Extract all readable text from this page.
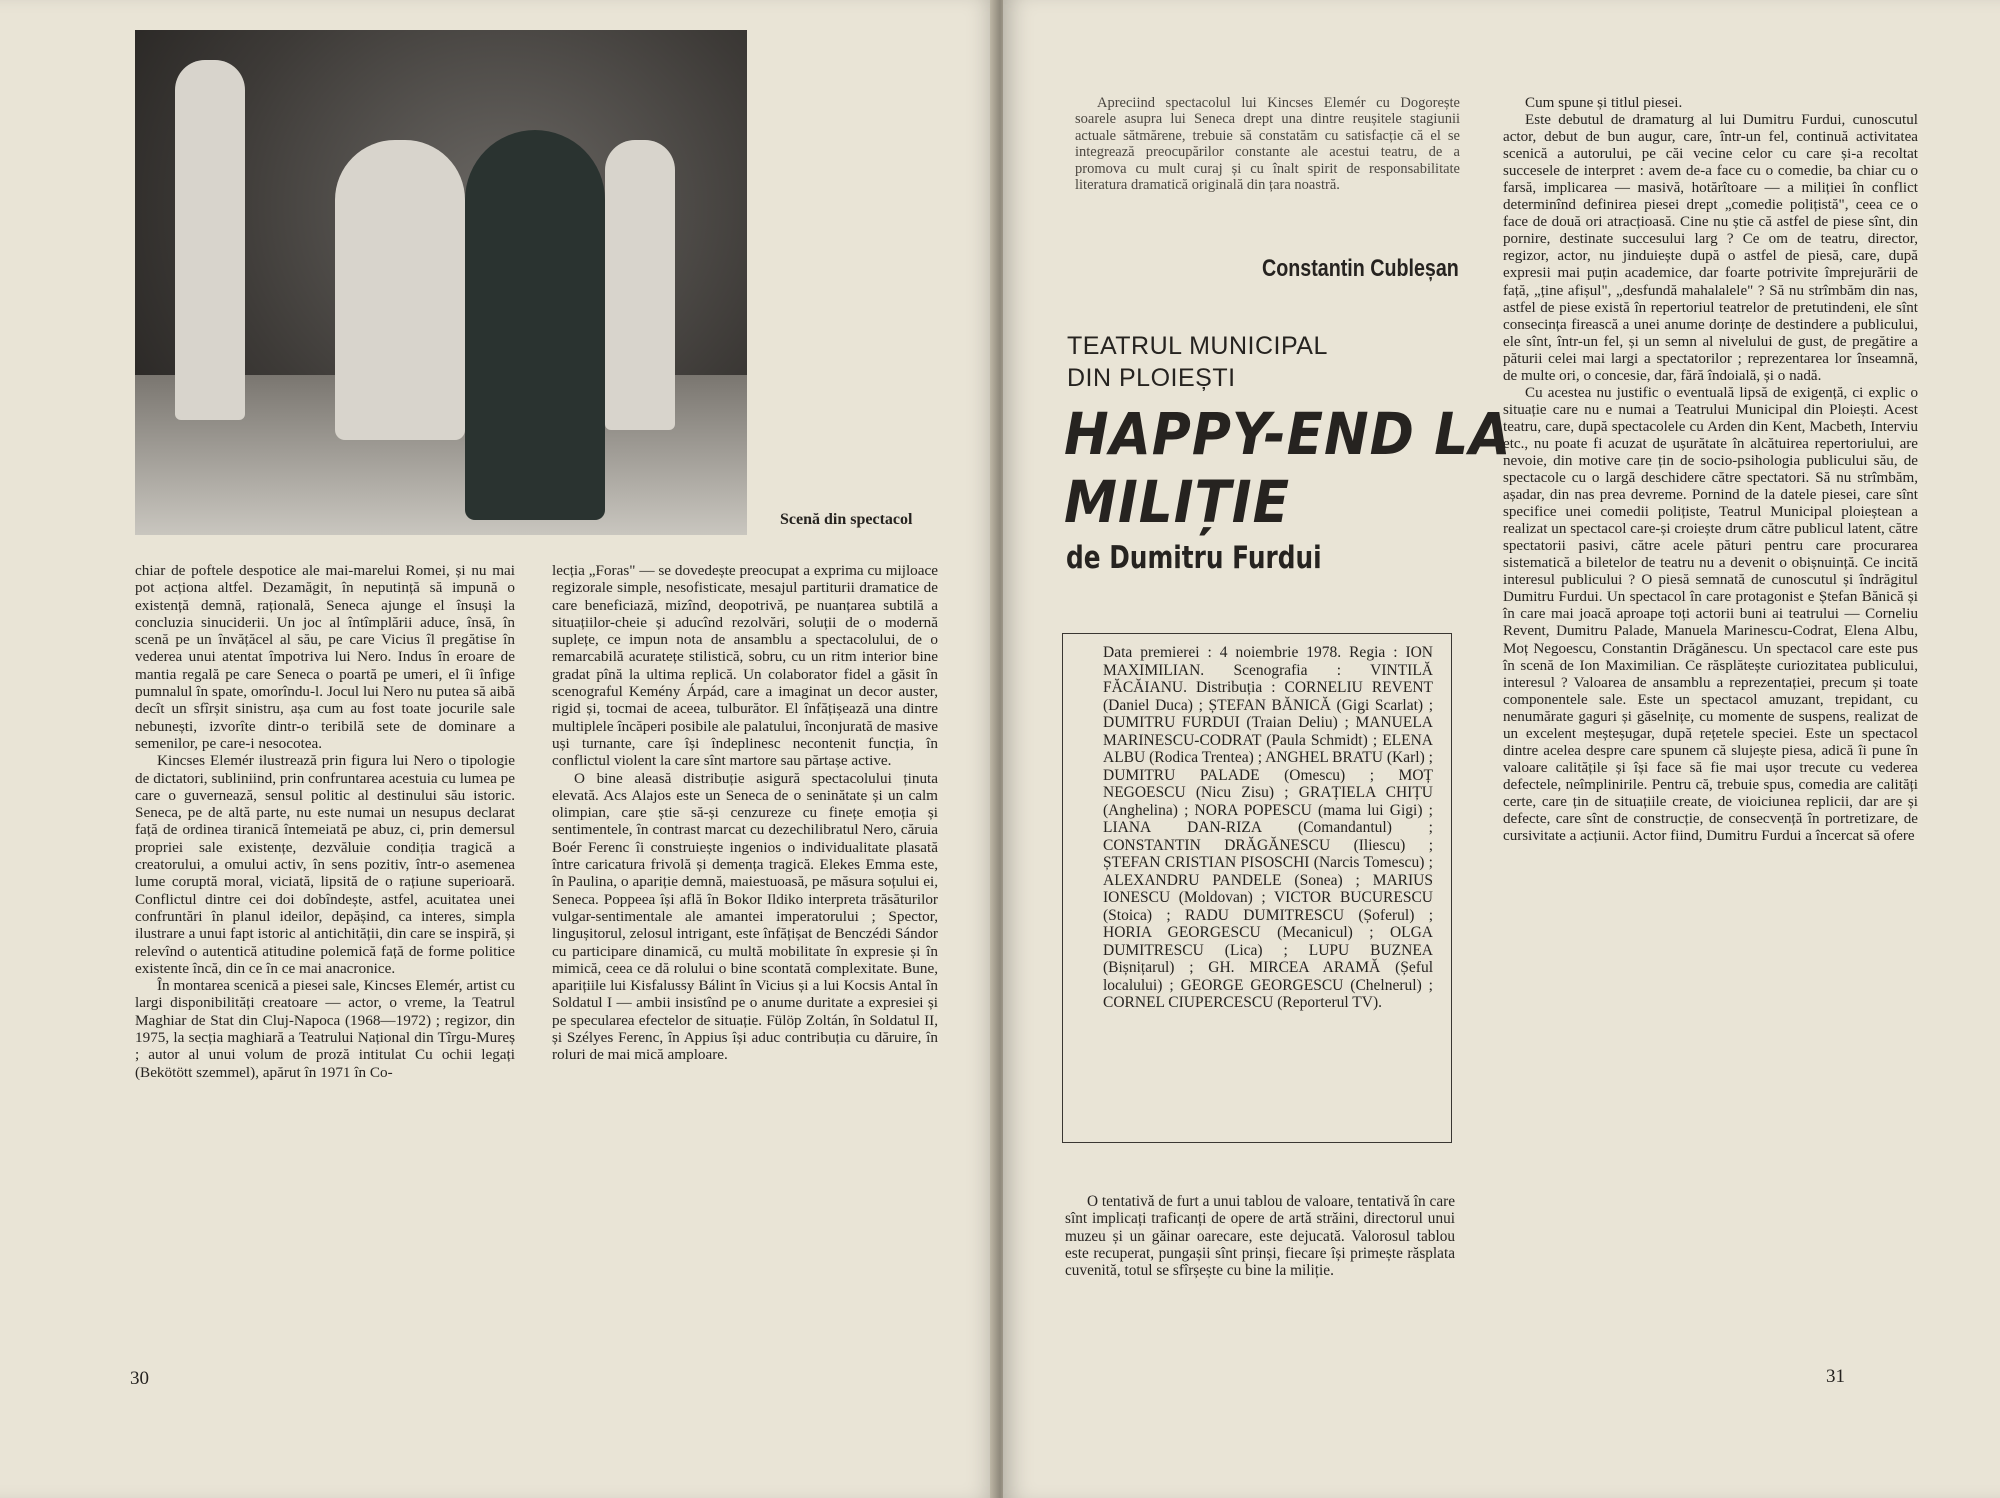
Scenă din spectacol

chiar de poftele despotice ale mai-marelui Romei, și nu mai pot acționa altfel. Dezamăgit, în neputință să impună o existență demnă, rațională, Seneca ajunge el însuși la concluzia sinuciderii. Un joc al întîmplării aduce, însă, în scenă pe un învățăcel al său, pe care Vicius îl pregătise în vederea unui atentat împotriva lui Nero. Indus în eroare de mantia regală pe care Seneca o poartă pe umeri, el îi înfige pumnalul în spate, omorîndu-l. Jocul lui Nero nu putea să aibă decît un sfîrșit sinistru, așa cum au fost toate jocurile sale nebunești, izvorîte dintr-o teribilă sete de dominare a semenilor, pe care-i nesocotea.

Kincses Elemér ilustrează prin figura lui Nero o tipologie de dictatori, subliniind, prin confruntarea acestuia cu lumea pe care o guvernează, sensul politic al destinului său istoric. Seneca, pe de altă parte, nu este numai un nesupus declarat față de ordinea tiranică întemeiată pe abuz, ci, prin demersul propriei sale existențe, dezvăluie condiția tragică a creatorului, a omului activ, în sens pozitiv, într-o asemenea lume coruptă moral, viciată, lipsită de o rațiune superioară. Conflictul dintre cei doi dobîndește, astfel, acuitatea unei confruntări în planul ideilor, depășind, ca interes, simpla ilustrare a unui fapt istoric al antichității, din care se inspiră, și relevînd o autentică atitudine polemică față de forme politice existente încă, din ce în ce mai anacronice.

În montarea scenică a piesei sale, Kincses Elemér, artist cu largi disponibilități creatoare — actor, o vreme, la Teatrul Maghiar de Stat din Cluj-Napoca (1968—1972) ; regizor, din 1975, la secția maghiară a Teatrului Național din Tîrgu-Mureș ; autor al unui volum de proză intitulat Cu ochii legați (Bekötött szemmel), apărut în 1971 în Co-

lecția „Foras" — se dovedește preocupat a exprima cu mijloace regizorale simple, nesofisticate, mesajul partiturii dramatice de care beneficiază, mizînd, deopotrivă, pe nuanțarea subtilă a situațiilor-cheie și aducînd rezolvări, soluții de o modernă suplețe, ce impun nota de ansamblu a spectacolului, de o remarcabilă acuratețe stilistică, sobru, cu un ritm interior bine gradat pînă la ultima replică. Un colaborator fidel a găsit în scenograful Kemény Árpád, care a imaginat un decor auster, rigid și, tocmai de aceea, tulburător. El înfățișează una dintre multiplele încăperi posibile ale palatului, înconjurată de masive uși turnante, care își îndeplinesc necontenit funcția, în conflictul violent la care sînt martore sau părtașe active.

O bine aleasă distribuție asigură spectacolului ținuta elevată. Acs Alajos este un Seneca de o seninătate și un calm olimpian, care știe să-și cenzureze cu finețe emoția și sentimentele, în contrast marcat cu dezechilibratul Nero, căruia Boér Ferenc îi construiește ingenios o individualitate plasată între caricatura frivolă și demența tragică. Elekes Emma este, în Paulina, o apariție demnă, maiestuoasă, pe măsura soțului ei, Seneca. Poppeea își află în Bokor Ildiko interpreta trăsăturilor vulgar-sentimentale ale amantei imperatorului ; Spector, lingușitorul, zelosul intrigant, este înfățișat de Benczédi Sándor cu participare dinamică, cu multă mobilitate în expresie și în mimică, ceea ce dă rolului o bine scontată complexitate. Bune, aparițiile lui Kisfalussy Bálint în Vicius și a lui Kocsis Antal în Soldatul I — ambii insistînd pe o anume duritate a expresiei și pe specularea efectelor de situație. Fülöp Zoltán, în Soldatul II, și Szélyes Ferenc, în Appius își aduc contribuția cu dăruire, în roluri de mai mică amploare.

30

Apreciind spectacolul lui Kincses Elemér cu Dogorește soarele asupra lui Seneca drept una dintre reușitele stagiunii actuale sătmărene, trebuie să constatăm cu satisfacție că el se integrează preocupărilor constante ale acestui teatru, de a promova cu mult curaj și cu înalt spirit de responsabilitate literatura dramatică originală din țara noastră.

Constantin Cubleșan
TEATRUL MUNICIPAL
DIN PLOIEȘTI
HAPPY-END LA
MILIȚIE
de Dumitru Furdui

Data premierei : 4 noiembrie 1978. Regia : ION MAXIMILIAN. Scenografia : VINTILĂ FĂCĂIANU. Distribuția : CORNELIU REVENT (Daniel Duca) ; ȘTEFAN BĂNICĂ (Gigi Scarlat) ; DUMITRU FURDUI (Traian Deliu) ; MANUELA MARINESCU-CODRAT (Paula Schmidt) ; ELENA ALBU (Rodica Trentea) ; ANGHEL BRATU (Karl) ; DUMITRU PALADE (Omescu) ; MOȚ NEGOESCU (Nicu Zisu) ; GRAȚIELA CHIȚU (Anghelina) ; NORA POPESCU (mama lui Gigi) ; LIANA DAN-RIZA (Comandantul) ; CONSTANTIN DRĂGĂNESCU (Iliescu) ; ȘTEFAN CRISTIAN PISOSCHI (Narcis Tomescu) ; ALEXANDRU PANDELE (Sonea) ; MARIUS IONESCU (Moldovan) ; VICTOR BUCURESCU (Stoica) ; RADU DUMITRESCU (Șoferul) ; HORIA GEORGESCU (Mecanicul) ; OLGA DUMITRESCU (Lica) ; LUPU BUZNEA (Bișnițarul) ; GH. MIRCEA ARAMĂ (Șeful localului) ; GEORGE GEORGESCU (Chelnerul) ; CORNEL CIUPERCESCU (Reporterul TV).

O tentativă de furt a unui tablou de valoare, tentativă în care sînt implicați traficanți de opere de artă străini, directorul unui muzeu și un găinar oarecare, este dejucată. Valorosul tablou este recuperat, pungașii sînt prinși, fiecare își primește răsplata cuvenită, totul se sfîrșește cu bine la miliție.

Cum spune și titlul piesei.

Este debutul de dramaturg al lui Dumitru Furdui, cunoscutul actor, debut de bun augur, care, într-un fel, continuă activitatea scenică a autorului, pe căi vecine celor cu care și-a recoltat succesele de interpret : avem de-a face cu o comedie, ba chiar cu o farsă, implicarea — masivă, hotărîtoare — a miliției în conflict determinînd definirea piesei drept „comedie polițistă", ceea ce o face de două ori atracțioasă. Cine nu știe că astfel de piese sînt, din pornire, destinate succesului larg ? Ce om de teatru, director, regizor, actor, nu jinduiește după o astfel de piesă, care, după expresii mai puțin academice, dar foarte potrivite împrejurării de față, „ține afișul", „desfundă mahalalele" ? Să nu strîmbăm din nas, astfel de piese există în repertoriul teatrelor de pretutindeni, ele sînt consecința firească a unei anume dorințe de destindere a publicului, ele sînt, într-un fel, și un semn al nivelului de gust, de pregătire a păturii celei mai largi a spectatorilor ; reprezentarea lor înseamnă, de multe ori, o concesie, dar, fără îndoială, și o nadă.

Cu acestea nu justific o eventuală lipsă de exigență, ci explic o situație care nu e numai a Teatrului Municipal din Ploiești. Acest teatru, care, după spectacolele cu Arden din Kent, Macbeth, Interviu etc., nu poate fi acuzat de ușurătate în alcătuirea repertoriului, are nevoie, din motive care țin de socio-psihologia publicului său, de spectacole cu o largă deschidere către spectatori. Să nu strîmbăm, așadar, din nas prea devreme. Pornind de la datele piesei, care sînt specifice unei comedii polițiste, Teatrul Municipal ploieștean a realizat un spectacol care-și croiește drum către publicul latent, către spectatorii pasivi, către acele pături pentru care procurarea sistematică a biletelor de teatru nu a devenit o obișnuință. Ce incită interesul publicului ? O piesă semnată de cunoscutul și îndrăgitul Dumitru Furdui. Un spectacol în care protagonist e Ștefan Bănică și în care mai joacă aproape toți actorii buni ai teatrului — Corneliu Revent, Dumitru Palade, Manuela Marinescu-Codrat, Elena Albu, Moț Negoescu, Constantin Drăgănescu. Un spectacol care este pus în scenă de Ion Maximilian. Ce răsplătește curiozitatea publicului, interesul ? Valoarea de ansamblu a reprezentației, precum și toate componentele sale. Este un spectacol amuzant, trepidant, cu nenumărate gaguri și găselnițe, cu momente de suspens, realizat de un excelent meșteșugar, după rețetele speciei. Este un spectacol dintre acelea despre care spunem că slujește piesa, adică îi pune în valoare calitățile și își face să fie mai ușor trecute cu vederea defectele, neîmplinirile. Pentru că, trebuie spus, comedia are calități certe, care țin de situațiile create, de vioiciunea replicii, dar are și defecte, care sînt de construcție, de consecvență în portretizare, de cursivitate a acțiunii. Actor fiind, Dumitru Furdui a încercat să ofere

31
